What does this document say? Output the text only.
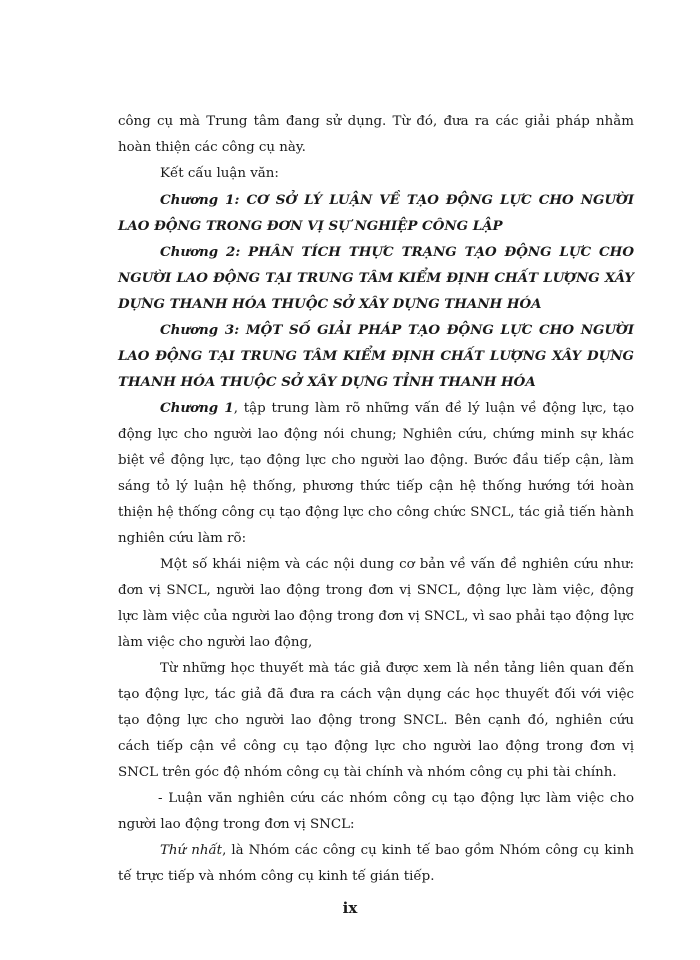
công cụ mà Trung tâm đang sử dụng. Từ đó, đưa ra các giải pháp nhằm hoàn thiện các công cụ này.

Kết cấu luận văn:

Chương 1: CƠ SỞ LÝ LUẬN VỀ TẠO ĐỘNG LỰC CHO NGƯỜI LAO ĐỘNG TRONG ĐƠN VỊ SỰ NGHIỆP CÔNG LẬP

Chương 2: PHÂN TÍCH THỰC TRẠNG TẠO ĐỘNG LỰC CHO NGƯỜI LAO ĐỘNG TẠI TRUNG TÂM KIỂM ĐỊNH CHẤT LƯỢNG XÂY DỰNG THANH HÓA THUỘC SỞ XÂY DỰNG THANH HÓA

Chương 3: MỘT SỐ GIẢI PHÁP TẠO ĐỘNG LỰC CHO NGƯỜI LAO ĐỘNG TẠI TRUNG TÂM KIỂM ĐỊNH CHẤT LƯỢNG XÂY DỰNG THANH HÓA THUỘC SỞ XÂY DỰNG TỈNH THANH HÓA

Chương 1, tập trung làm rõ những vấn đề lý luận về động lực, tạo động lực cho người lao động nói chung; Nghiên cứu, chứng minh sự khác biệt về động lực, tạo động lực cho người lao động. Bước đầu tiếp cận, làm sáng tỏ lý luận hệ thống, phương thức tiếp cận hệ thống hướng tới hoàn thiện hệ thống công cụ tạo động lực cho công chức SNCL, tác giả tiến hành nghiên cứu làm rõ:

Một số khái niệm và các nội dung cơ bản về vấn đề nghiên cứu như: đơn vị SNCL, người lao động trong đơn vị SNCL, động lực làm việc, động lực làm việc của người lao động trong đơn vị SNCL, vì sao phải tạo động lực làm việc cho người lao động,

Từ những học thuyết mà tác giả được xem là nền tảng liên quan đến tạo động lực, tác giả đã đưa ra cách vận dụng các học thuyết đối với việc tạo động lực cho người lao động trong SNCL. Bên cạnh đó, nghiên cứu cách tiếp cận về công cụ tạo động lực cho người lao động trong đơn vị SNCL trên góc độ nhóm công cụ tài chính và nhóm công cụ phi tài chính.

- Luận văn nghiên cứu các nhóm công cụ tạo động lực làm việc cho người lao động trong đơn vị SNCL:

Thứ nhất, là Nhóm các công cụ kinh tế bao gồm Nhóm công cụ kinh tế trực tiếp và nhóm công cụ kinh tế gián tiếp.

ix
